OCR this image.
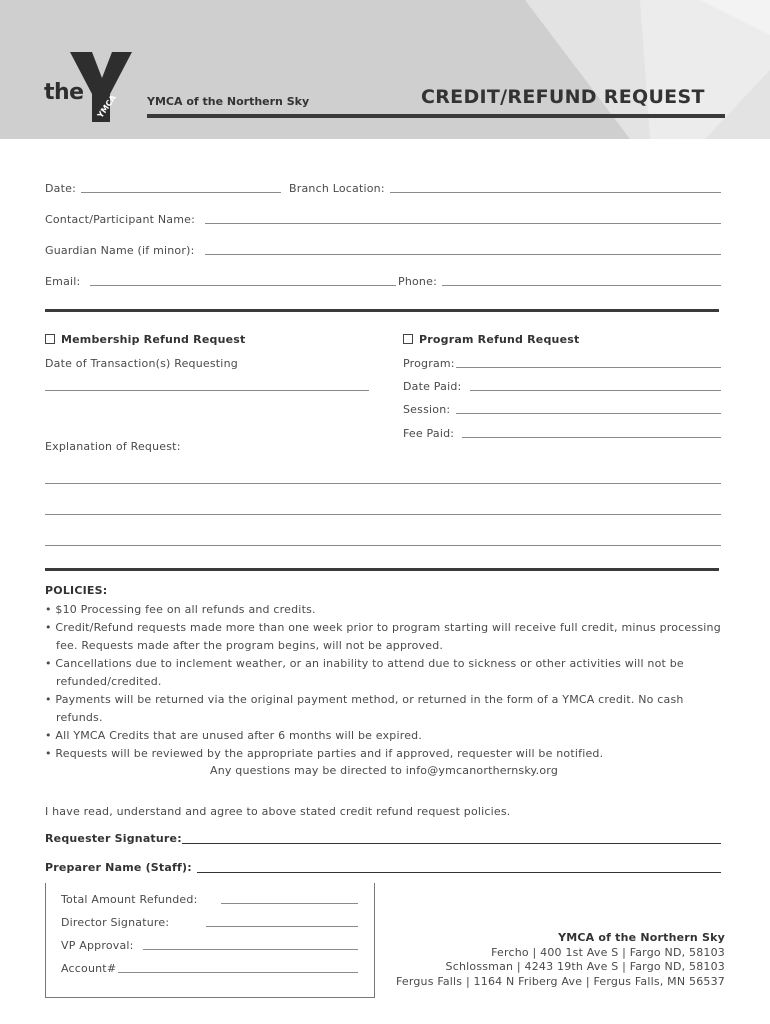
the
YMCA	YMCA of the Northern Sky	CREDIT/REFUND REQUEST
Date:	Branch Location:
Contact/Participant Name:
Guardian Name (if minor):
Email:	Phone:
Membership Refund Request	Program Refund Request
Date of Transaction(s) Requesting	Program:
Date Paid:
Session:
Fee Paid:
Explanation of Request:
POLICIES:
• $10 Processing fee on all refunds and credits.
• Credit/Refund requests made more than one week prior to program starting will receive full credit, minus processing
fee. Requests made after the program begins, will not be approved.
• Cancellations due to inclement weather, or an inability to attend due to sickness or other activities will not be
refunded/credited.
• Payments will be returned via the original payment method, or returned in the form of a YMCA credit. No cash
refunds.
• All YMCA Credits that are unused after 6 months will be expired.
• Requests will be reviewed by the appropriate parties and if approved, requester will be notified.
Any questions may be directed to info@ymcanorthernsky.org
I have read, understand and agree to above stated credit refund request policies.
Requester Signature:
Preparer Name (Staff):
Total Amount Refunded:
Director Signature:
VP Approval:
Account#
YMCA of the Northern Sky
Fercho | 400 1st Ave S | Fargo ND, 58103
Schlossman | 4243 19th Ave S | Fargo ND, 58103
Fergus Falls | 1164 N Friberg Ave | Fergus Falls, MN 56537
